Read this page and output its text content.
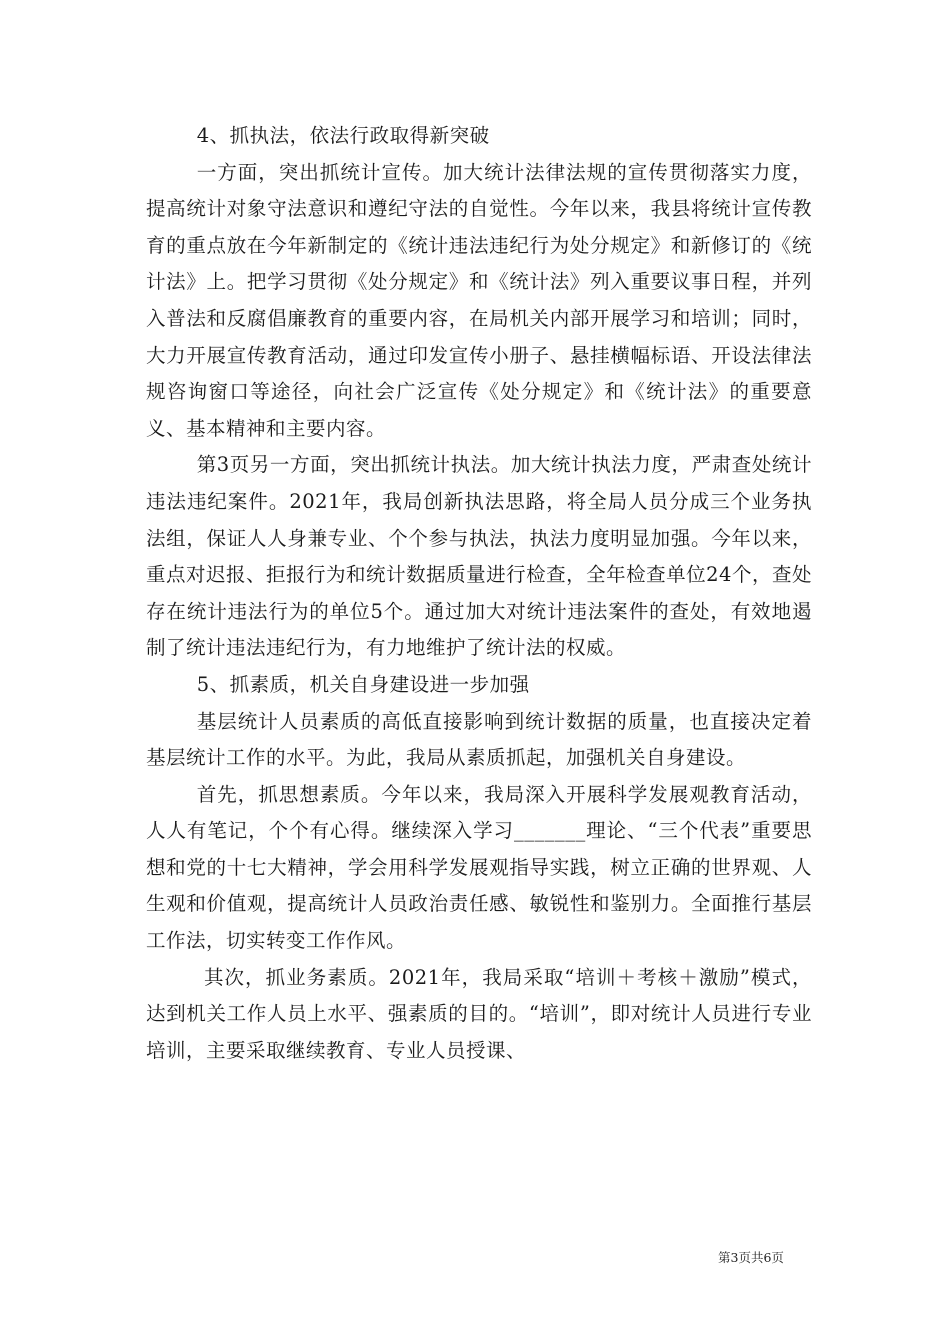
4、抓执法，依法行政取得新突破

一方面，突出抓统计宣传。加大统计法律法规的宣传贯彻落实力度，提高统计对象守法意识和遵纪守法的自觉性。今年以来，我县将统计宣传教育的重点放在今年新制定的《统计违法违纪行为处分规定》和新修订的《统计法》上。把学习贯彻《处分规定》和《统计法》列入重要议事日程，并列入普法和反腐倡廉教育的重要内容，在局机关内部开展学习和培训；同时，大力开展宣传教育活动，通过印发宣传小册子、悬挂横幅标语、开设法律法规咨询窗口等途径，向社会广泛宣传《处分规定》和《统计法》的重要意义、基本精神和主要内容。

第3页另一方面，突出抓统计执法。加大统计执法力度，严肃查处统计违法违纪案件。2021年，我局创新执法思路，将全局人员分成三个业务执法组，保证人人身兼专业、个个参与执法，执法力度明显加强。今年以来，重点对迟报、拒报行为和统计数据质量进行检查，全年检查单位24个，查处存在统计违法行为的单位5个。通过加大对统计违法案件的查处，有效地遏制了统计违法违纪行为，有力地维护了统计法的权威。

5、抓素质，机关自身建设进一步加强

基层统计人员素质的高低直接影响到统计数据的质量，也直接决定着基层统计工作的水平。为此，我局从素质抓起，加强机关自身建设。

首先，抓思想素质。今年以来，我局深入开展科学发展观教育活动，人人有笔记，个个有心得。继续深入学习_______理论、“三个代表”重要思想和党的十七大精神，学会用科学发展观指导实践，树立正确的世界观、人生观和价值观，提高统计人员政治责任感、敏锐性和鉴别力。全面推行基层工作法，切实转变工作作风。

其次，抓业务素质。2021年，我局采取“培训＋考核＋激励”模式，达到机关工作人员上水平、强素质的目的。“培训”，即对统计人员进行专业培训，主要采取继续教育、专业人员授课、

第3页共6页
